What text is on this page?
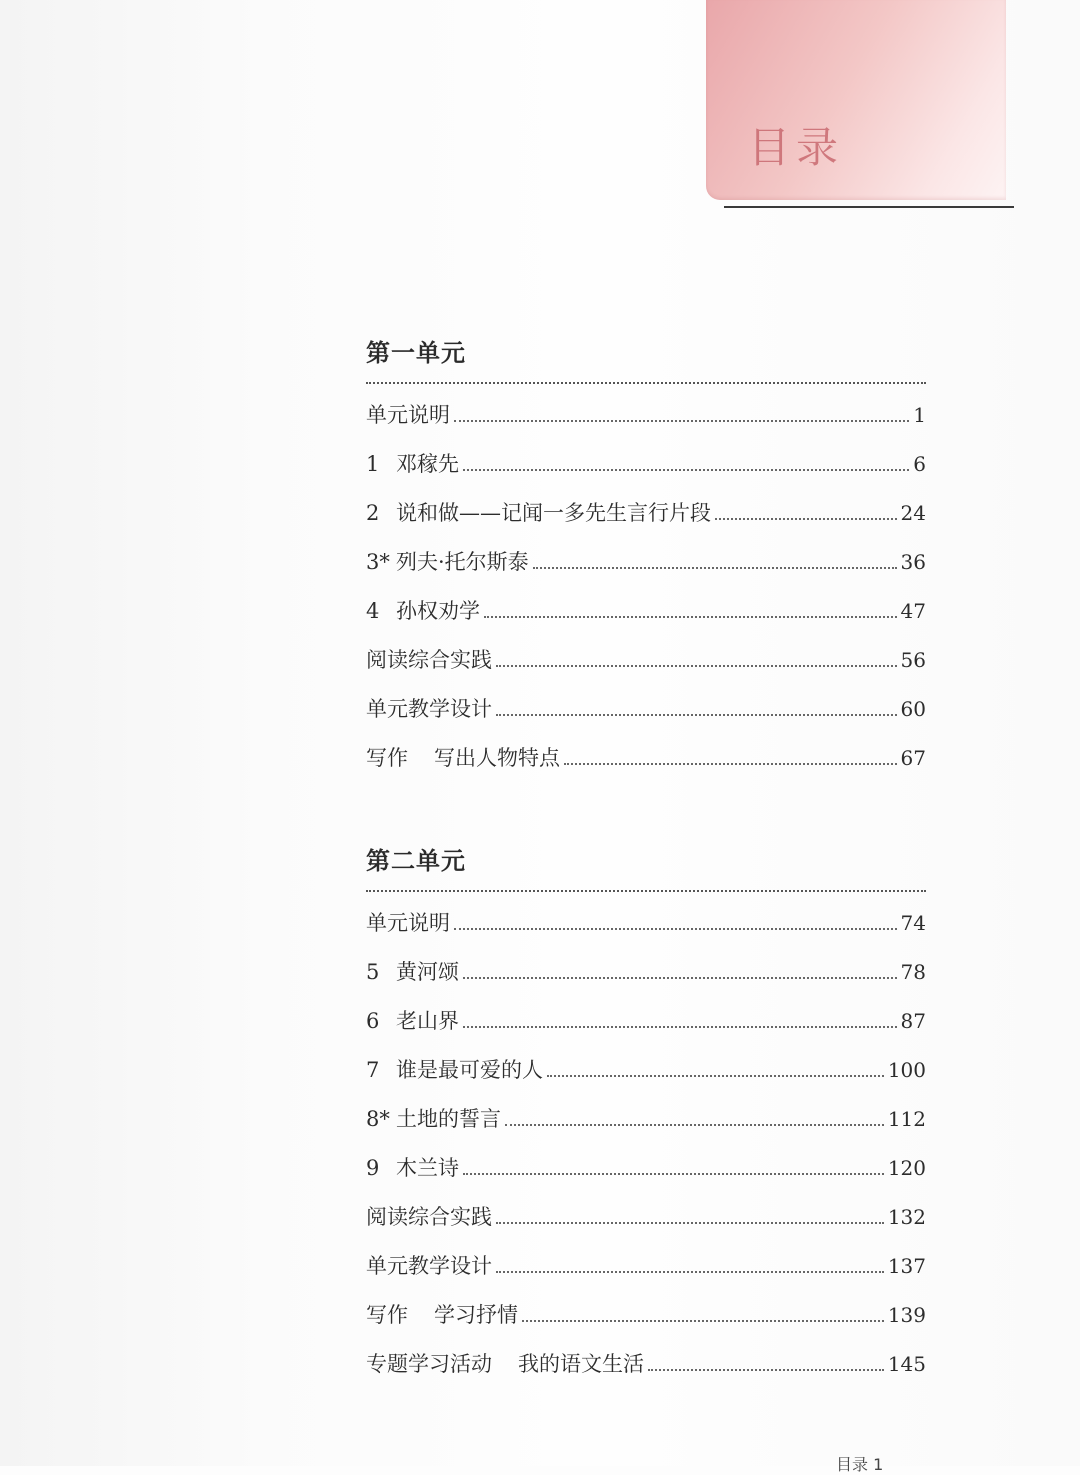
目录
第一单元
单元说明	1
1 邓稼先	6
2 说和做——记闻一多先生言行片段	24
3* 列夫·托尔斯泰	36
4 孙权劝学	47
阅读综合实践	56
单元教学设计	60
写作 写出人物特点	67
第二单元
单元说明	74
5 黄河颂	78
6 老山界	87
7 谁是最可爱的人	100
8* 土地的誓言	112
9 木兰诗	120
阅读综合实践	132
单元教学设计	137
写作 学习抒情	139
专题学习活动 我的语文生活	145
目录 1
